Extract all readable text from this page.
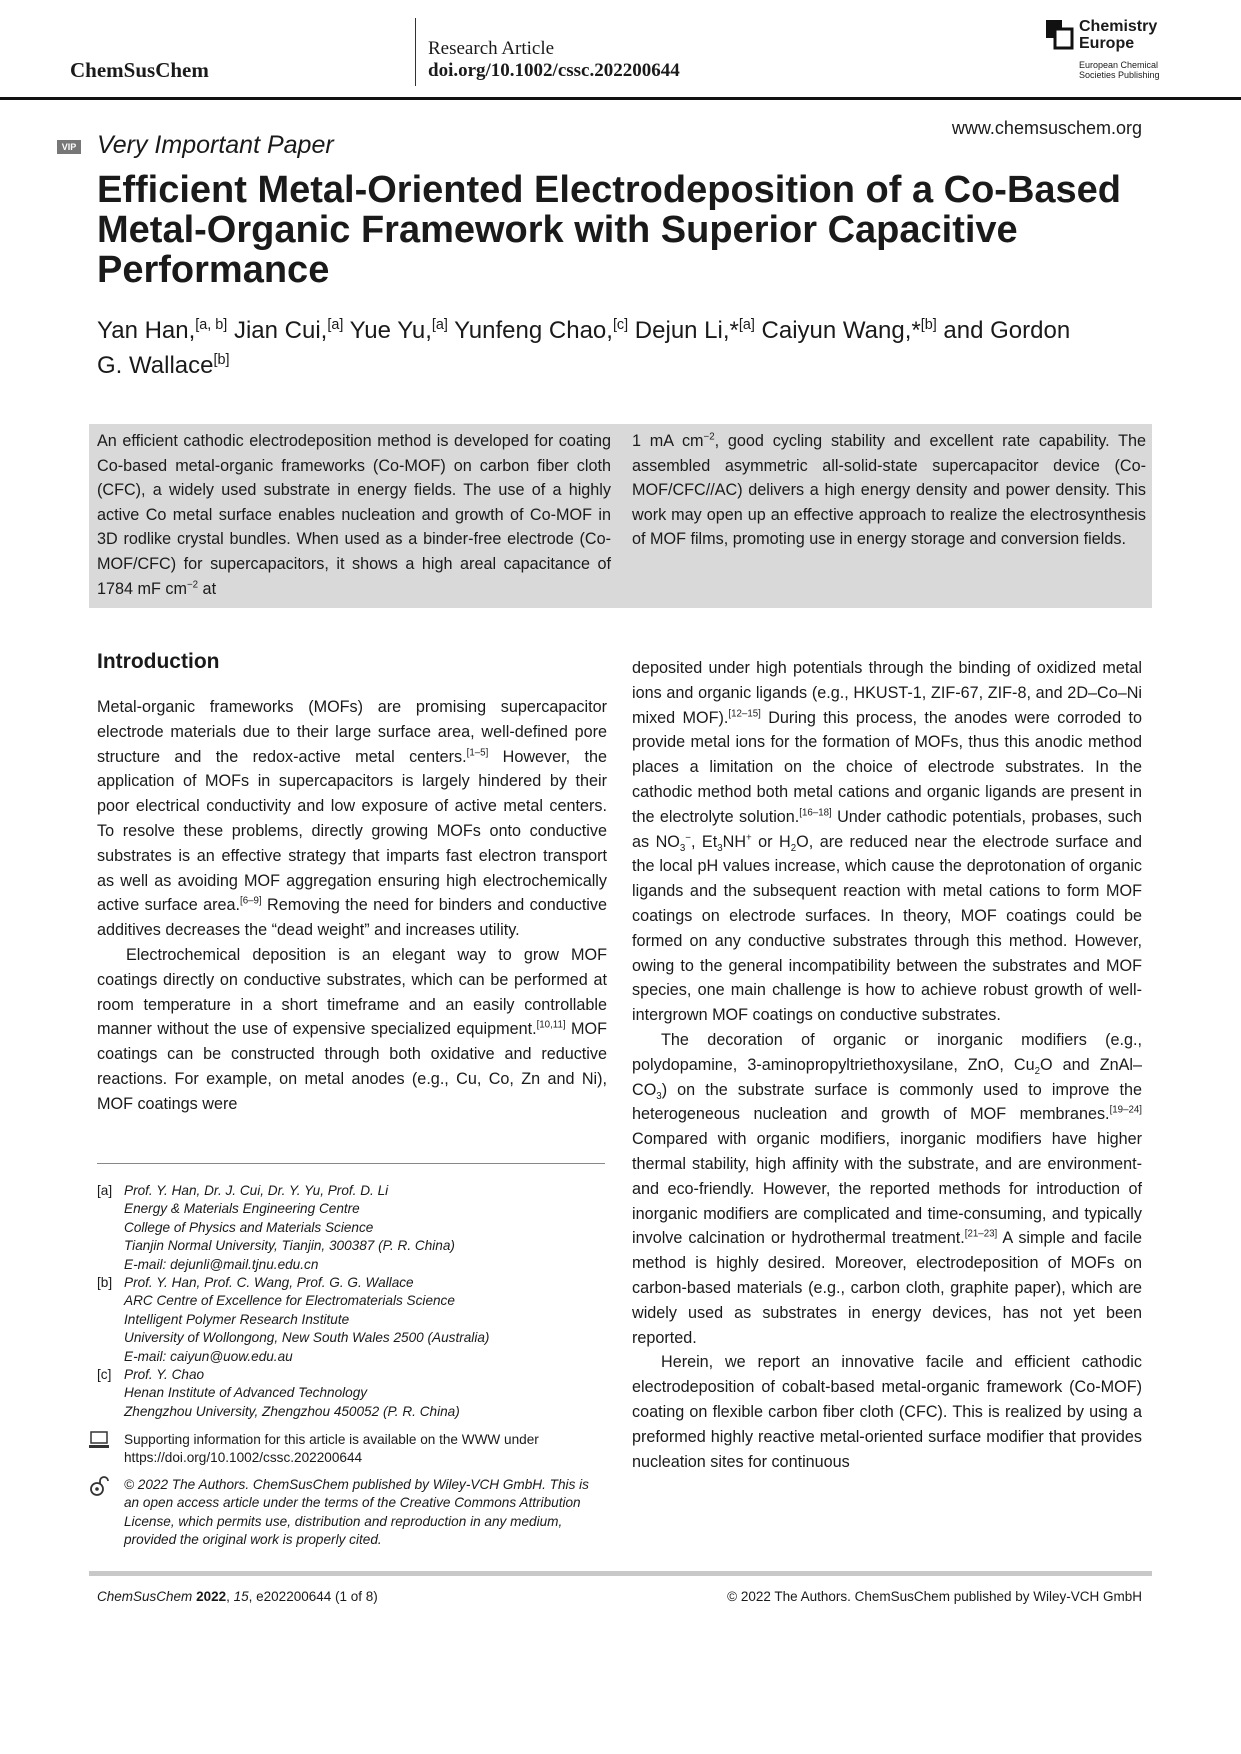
ChemSusChem
Research Article
doi.org/10.1002/cssc.202200644
Chemistry
Europe
European Chemical
Societies Publishing
www.chemsuschem.org
VIP Very Important Paper
Efficient Metal-Oriented Electrodeposition of a Co-Based Metal-Organic Framework with Superior Capacitive Performance
Yan Han,[a, b] Jian Cui,[a] Yue Yu,[a] Yunfeng Chao,[c] Dejun Li,*[a] Caiyun Wang,*[b] and Gordon G. Wallace[b]
An efficient cathodic electrodeposition method is developed for coating Co-based metal-organic frameworks (Co-MOF) on carbon fiber cloth (CFC), a widely used substrate in energy fields. The use of a highly active Co metal surface enables nucleation and growth of Co-MOF in 3D rodlike crystal bundles. When used as a binder-free electrode (Co-MOF/CFC) for supercapacitors, it shows a high areal capacitance of 1784 mF $cm^{-2}$ at
1 mA $cm^{-2}$, good cycling stability and excellent rate capability. The assembled asymmetric all-solid-state supercapacitor device (Co-MOF/CFC//AC) delivers a high energy density and power density. This work may open up an effective approach to realize the electrosynthesis of MOF films, promoting use in energy storage and conversion fields.
Introduction

Metal-organic frameworks (MOFs) are promising supercapacitor electrode materials due to their large surface area, well-defined pore structure and the redox-active metal centers.[1–5] However, the application of MOFs in supercapacitors is largely hindered by their poor electrical conductivity and low exposure of active metal centers. To resolve these problems, directly growing MOFs onto conductive substrates is an effective strategy that imparts fast electron transport as well as avoiding MOF aggregation ensuring high electrochemically active surface area.[6–9] Removing the need for binders and conductive additives decreases the “dead weight” and increases utility.

Electrochemical deposition is an elegant way to grow MOF coatings directly on conductive substrates, which can be performed at room temperature in a short timeframe and an easily controllable manner without the use of expensive specialized equipment.[10,11] MOF coatings can be constructed through both oxidative and reductive reactions. For example, on metal anodes (e.g., Cu, Co, Zn and Ni), MOF coatings were

[a] Prof. Y. Han, Dr. J. Cui, Dr. Y. Yu, Prof. D. Li
Energy & Materials Engineering Centre
College of Physics and Materials Science
Tianjin Normal University, Tianjin, 300387 (P. R. China)
E-mail: dejunli@mail.tjnu.edu.cn
[b] Prof. Y. Han, Prof. C. Wang, Prof. G. G. Wallace
ARC Centre of Excellence for Electromaterials Science
Intelligent Polymer Research Institute
University of Wollongong, New South Wales 2500 (Australia)
E-mail: caiyun@uow.edu.au
[c] Prof. Y. Chao
Henan Institute of Advanced Technology
Zhengzhou University, Zhengzhou 450052 (P. R. China)
Supporting information for this article is available on the WWW under https://doi.org/10.1002/cssc.202200644
© 2022 The Authors. ChemSusChem published by Wiley-VCH GmbH. This is an open access article under the terms of the Creative Commons Attribution License, which permits use, distribution and reproduction in any medium, provided the original work is properly cited.

deposited under high potentials through the binding of oxidized metal ions and organic ligands (e.g., HKUST-1, ZIF-67, ZIF-8, and 2D–Co–Ni mixed MOF).[12–15] During this process, the anodes were corroded to provide metal ions for the formation of MOFs, thus this anodic method places a limitation on the choice of electrode substrates. In the cathodic method both metal cations and organic ligands are present in the electrolyte solution.[16–18] Under cathodic potentials, probases, such as $NO_3^-$, $Et_3NH^+$ or $H_2O$, are reduced near the electrode surface and the local pH values increase, which cause the deprotonation of organic ligands and the subsequent reaction with metal cations to form MOF coatings on electrode surfaces. In theory, MOF coatings could be formed on any conductive substrates through this method. However, owing to the general incompatibility between the substrates and MOF species, one main challenge is how to achieve robust growth of well-intergrown MOF coatings on conductive substrates.

The decoration of organic or inorganic modifiers (e.g., polydopamine, 3-aminopropyltriethoxysilane, ZnO, $Cu_2O$ and ZnAl–$CO_3$) on the substrate surface is commonly used to improve the heterogeneous nucleation and growth of MOF membranes.[19–24] Compared with organic modifiers, inorganic modifiers have higher thermal stability, high affinity with the substrate, and are environment- and eco-friendly. However, the reported methods for introduction of inorganic modifiers are complicated and time-consuming, and typically involve calcination or hydrothermal treatment.[21–23] A simple and facile method is highly desired. Moreover, electrodeposition of MOFs on carbon-based materials (e.g., carbon cloth, graphite paper), which are widely used as substrates in energy devices, has not yet been reported.

Herein, we report an innovative facile and efficient cathodic electrodeposition of cobalt-based metal-organic framework (Co-MOF) coating on flexible carbon fiber cloth (CFC). This is realized by using a preformed highly reactive metal-oriented surface modifier that provides nucleation sites for continuous

ChemSusChem 2022, 15, e202200644 (1 of 8)	© 2022 The Authors. ChemSusChem published by Wiley-VCH GmbH
